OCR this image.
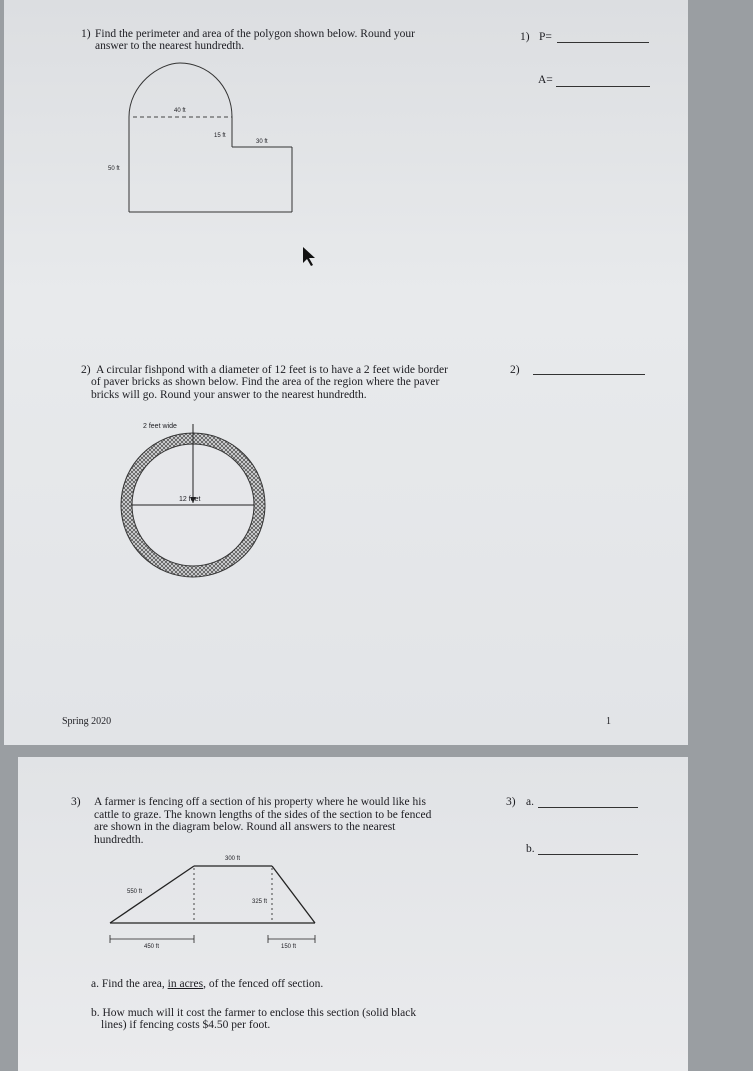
1) Find the perimeter and area of the polygon shown below. Round your
answer to the nearest hundredth.
1) P=
A=
40 ft
15 ft
30 ft
50 ft
2) A circular fishpond with a diameter of 12 feet is to have a 2 feet wide border
of paver bricks as shown below. Find the area of the region where the paver
bricks will go. Round your answer to the nearest hundredth.
2)
2 feet wide
12 feet
Spring 2020	1
3) A farmer is fencing off a section of his property where he would like his
cattle to graze. The known lengths of the sides of the section to be fenced
are shown in the diagram below. Round all answers to the nearest
hundredth.
3) a.
b.
300 ft
550 ft
325 ft
450 ft	150 ft
a. Find the area, in acres, of the fenced off section.
b. How much will it cost the farmer to enclose this section (solid black
lines) if fencing costs $4.50 per foot.
